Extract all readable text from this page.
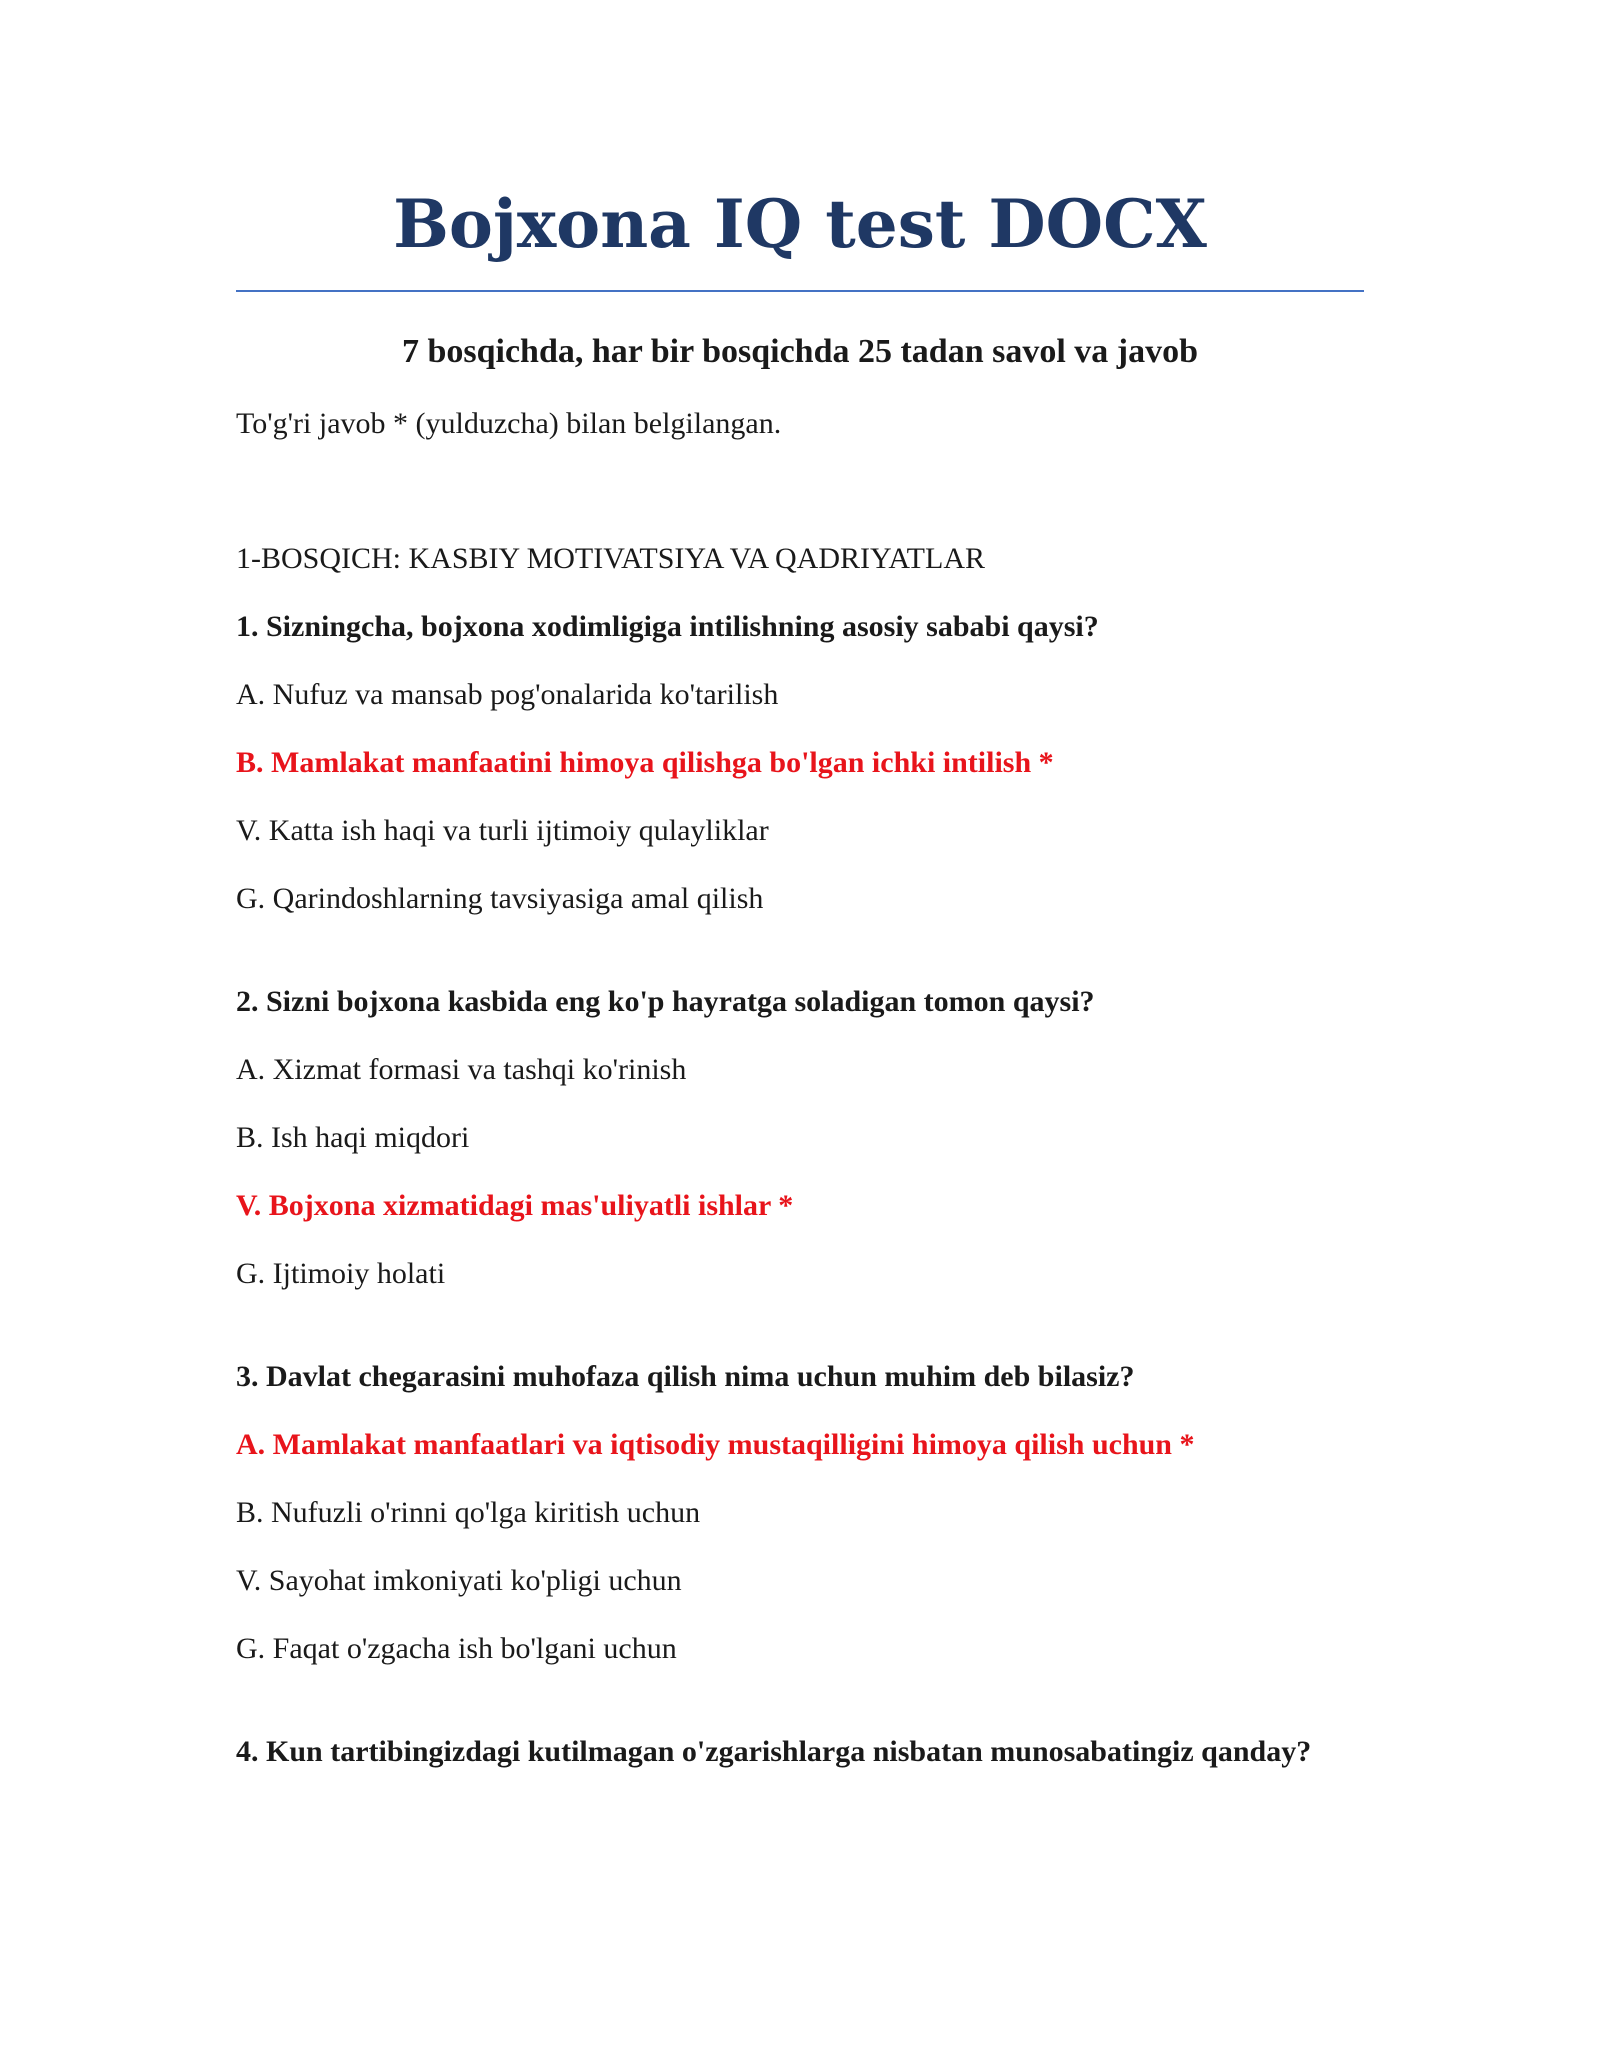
Bojxona IQ test DOCX
7 bosqichda, har bir bosqichda 25 tadan savol va javob

To'g'ri javob * (yulduzcha) bilan belgilangan.

1-BOSQICH: KASBIY MOTIVATSIYA VA QADRIYATLAR

1. Sizningcha, bojxona xodimligiga intilishning asosiy sababi qaysi?

A. Nufuz va mansab pog'onalarida ko'tarilish

B. Mamlakat manfaatini himoya qilishga bo'lgan ichki intilish *

V. Katta ish haqi va turli ijtimoiy qulayliklar

G. Qarindoshlarning tavsiyasiga amal qilish

2. Sizni bojxona kasbida eng ko'p hayratga soladigan tomon qaysi?

A. Xizmat formasi va tashqi ko'rinish

B. Ish haqi miqdori

V. Bojxona xizmatidagi mas'uliyatli ishlar *

G. Ijtimoiy holati

3. Davlat chegarasini muhofaza qilish nima uchun muhim deb bilasiz?

A. Mamlakat manfaatlari va iqtisodiy mustaqilligini himoya qilish uchun *

B. Nufuzli o'rinni qo'lga kiritish uchun

V. Sayohat imkoniyati ko'pligi uchun

G. Faqat o'zgacha ish bo'lgani uchun

4. Kun tartibingizdagi kutilmagan o'zgarishlarga nisbatan munosabatingiz qanday?
